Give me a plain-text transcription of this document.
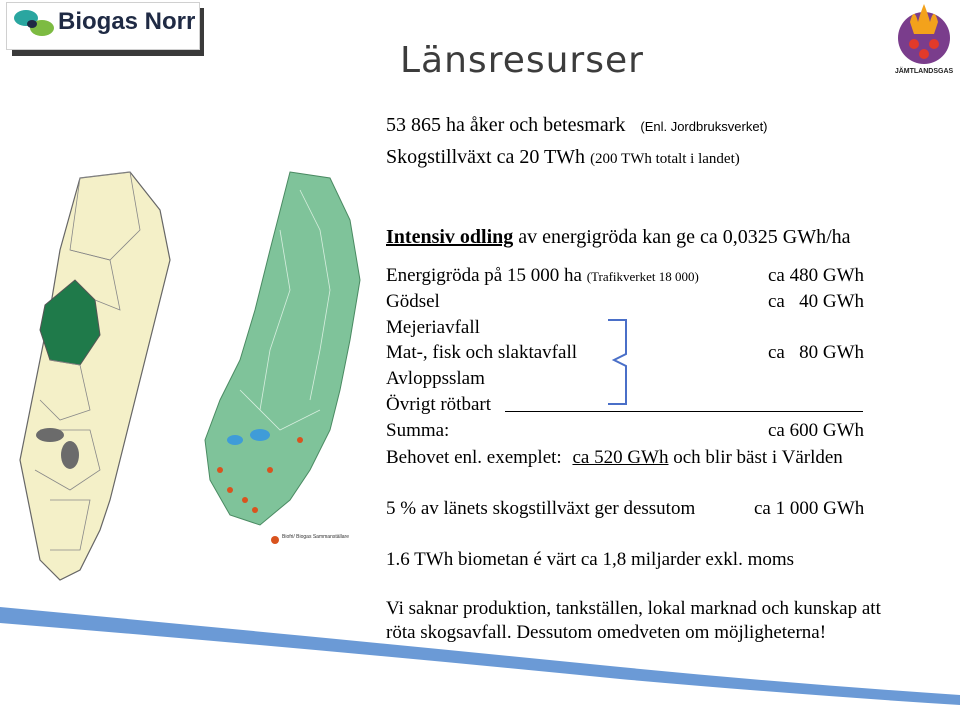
Biogas Norr
JÄMTLANDSGAS
Länsresurser
53 865 ha åker och betesmark (Enl. Jordbruksverket)
Skogstillväxt ca 20 TWh (200 TWh totalt i landet)
Intensiv odling av energigröda kan ge ca 0,0325 GWh/ha
Energigröda på 15 000 ha (Trafikverket 18 000)	ca 480 GWh
Gödsel	ca   40 GWh
Mejeriavfall
Mat-, fisk och slaktavfall	ca   80 GWh
Avloppsslam
Övrigt rötbart
Summa:	ca 600 GWh
Behovet enl. exemplet: ca 520 GWh och blir bäst i Världen
5 % av länets skogstillväxt ger dessutom	ca 1 000 GWh
1.6 TWh biometan é värt ca 1,8 miljarder exkl. moms
Vi saknar produktion, tankställen, lokal marknad och kunskap att
röta skogsavfall. Dessutom omedveten om möjligheterna!
Biofri/ Biogas Sammanställare
